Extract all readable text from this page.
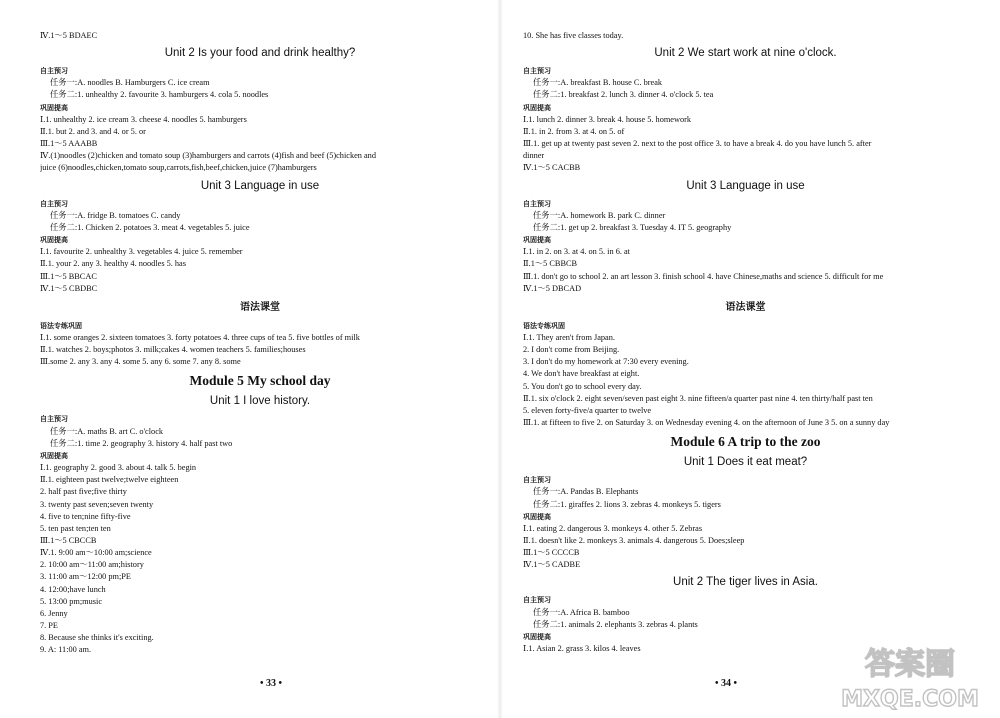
Ⅳ.1～5 BDAEC
Unit 2 Is your food and drink healthy?
自主预习
任务一:A. noodles B. Hamburgers C. ice cream
任务二:1. unhealthy 2. favourite 3. hamburgers 4. cola 5. noodles
巩固提高
Ⅰ.1. unhealthy 2. ice cream 3. cheese 4. noodles 5. hamburgers
Ⅱ.1. but 2. and 3. and 4. or 5. or
Ⅲ.1～5 AAABB
Ⅳ.(1)noodles (2)chicken and tomato soup (3)hamburgers and carrots (4)fish and beef (5)chicken and
juice (6)noodles,chicken,tomato soup,carrots,fish,beef,chicken,juice (7)hamburgers
Unit 3 Language in use
自主预习
任务一:A. fridge B. tomatoes C. candy
任务二:1. Chicken 2. potatoes 3. meat 4. vegetables 5. juice
巩固提高
Ⅰ.1. favourite 2. unhealthy 3. vegetables 4. juice 5. remember
Ⅱ.1. your 2. any 3. healthy 4. noodles 5. has
Ⅲ.1～5 BBCAC
Ⅳ.1～5 CBDBC
语法课堂
语法专练巩固
Ⅰ.1. some oranges 2. sixteen tomatoes 3. forty potatoes 4. three cups of tea 5. five bottles of milk
Ⅱ.1. watches 2. boys;photos 3. milk;cakes 4. women teachers 5. families;houses
Ⅲ.some 2. any 3. any 4. some 5. any 6. some 7. any 8. some
Module 5 My school day
Unit 1 I love history.
自主预习
任务一:A. maths B. art C. o'clock
任务二:1. time 2. geography 3. history 4. half past two
巩固提高
Ⅰ.1. geography 2. good 3. about 4. talk 5. begin
Ⅱ.1. eighteen past twelve;twelve eighteen
2. half past five;five thirty
3. twenty past seven;seven twenty
4. five to ten;nine fifty-five
5. ten past ten;ten ten
Ⅲ.1～5 CBCCB
Ⅳ.1. 9:00 am～10:00 am;science
2. 10:00 am～11:00 am;history
3. 11:00 am～12:00 pm;PE
4. 12:00;have lunch
5. 13:00 pm;music
6. Jenny
7. PE
8. Because she thinks it's exciting.
9. A: 11:00 am.
• 33 •
10. She has five classes today.
Unit 2 We start work at nine o'clock.
自主预习
任务一:A. breakfast B. house C. break
任务二:1. breakfast 2. lunch 3. dinner 4. o'clock 5. tea
巩固提高
Ⅰ.1. lunch 2. dinner 3. break 4. house 5. homework
Ⅱ.1. in 2. from 3. at 4. on 5. of
Ⅲ.1. get up at twenty past seven 2. next to the post office 3. to have a break 4. do you have lunch 5. after
dinner
Ⅳ.1～5 CACBB
Unit 3 Language in use
自主预习
任务一:A. homework B. park C. dinner
任务二:1. get up 2. breakfast 3. Tuesday 4. IT 5. geography
巩固提高
Ⅰ.1. in 2. on 3. at 4. on 5. in 6. at
Ⅱ.1～5 CBBCB
Ⅲ.1. don't go to school 2. an art lesson 3. finish school 4. have Chinese,maths and science 5. difficult for me
Ⅳ.1～5 DBCAD
语法课堂
语法专练巩固
Ⅰ.1. They aren't from Japan.
2. I don't come from Beijing.
3. I don't do my homework at 7:30 every evening.
4. We don't have breakfast at eight.
5. You don't go to school every day.
Ⅱ.1. six o'clock 2. eight seven/seven past eight 3. nine fifteen/a quarter past nine 4. ten thirty/half past ten
5. eleven forty-five/a quarter to twelve
Ⅲ.1. at fifteen to five 2. on Saturday 3. on Wednesday evening 4. on the afternoon of June 3 5. on a sunny day
Module 6 A trip to the zoo
Unit 1 Does it eat meat?
自主预习
任务一:A. Pandas B. Elephants
任务二:1. giraffes 2. lions 3. zebras 4. monkeys 5. tigers
巩固提高
Ⅰ.1. eating 2. dangerous 3. monkeys 4. other 5. Zebras
Ⅱ.1. doesn't like 2. monkeys 3. animals 4. dangerous 5. Does;sleep
Ⅲ.1～5 CCCCB
Ⅳ.1～5 CADBE
Unit 2 The tiger lives in Asia.
自主预习
任务一:A. Africa B. bamboo
任务二:1. animals 2. elephants 3. zebras 4. plants
巩固提高
Ⅰ.1. Asian 2. grass 3. kilos 4. leaves
• 34 •
答案圈
MXQE.COM
